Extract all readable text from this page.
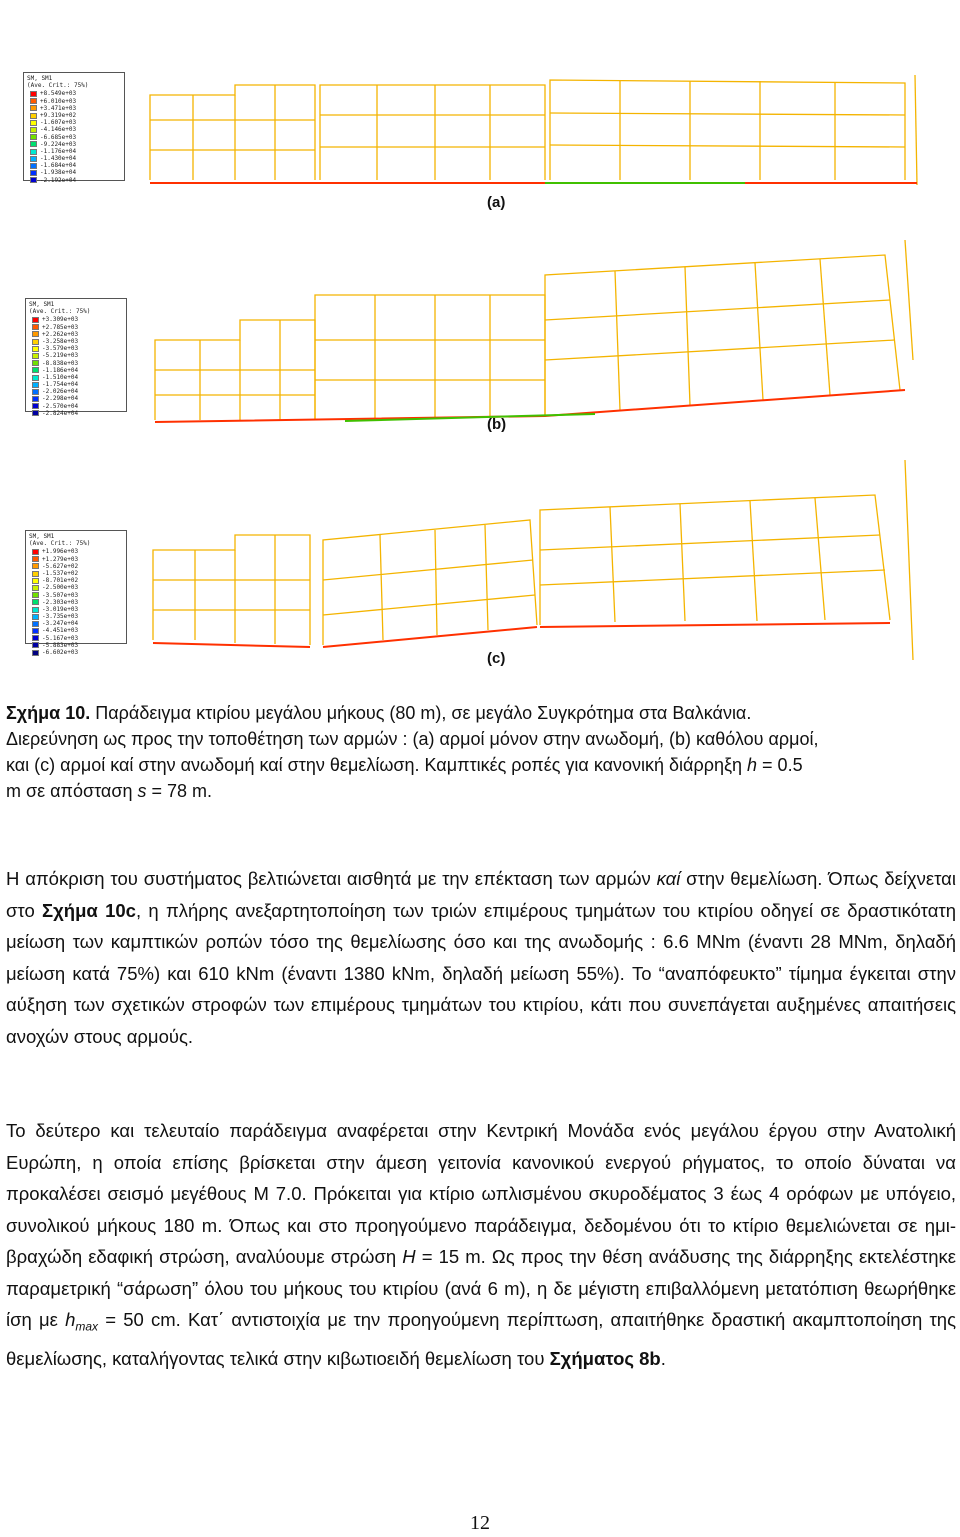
SM, SM1
(Ave. Crit.: 75%)
+8.549e+03
+6.010e+03
+3.471e+03
+9.319e+02
-1.607e+03
-4.146e+03
-6.685e+03
-9.224e+03
-1.176e+04
-1.430e+04
-1.684e+04
-1.938e+04
-2.192e+04
(a)
SM, SM1
(Ave. Crit.: 75%)
+3.309e+03
+2.785e+03
+2.262e+03
-3.258e+03
-3.579e+03
-5.219e+03
-8.838e+03
-1.186e+04
-1.510e+04
-1.754e+04
-2.026e+04
-2.298e+04
-2.570e+04
-2.824e+04
(b)
SM, SM1
(Ave. Crit.: 75%)
+1.996e+03
+1.279e+03
-5.627e+02
-1.537e+02
-8.701e+02
-2.500e+03
-3.507e+03
-2.303e+03
-3.019e+03
-3.735e+03
-3.247e+04
-4.451e+03
-5.167e+03
-5.883e+03
-6.602e+03	(c)
Σχήμα 10. Παράδειγμα κτιρίου μεγάλου μήκους (80 m), σε μεγάλο Συγκρότημα στα Βαλκάνια.
Διερεύνηση ως προς την τοποθέτηση των αρμών : (a) αρμοί μόνον στην ανωδομή, (b) καθόλου αρμοί,
και (c) αρμοί καί στην ανωδομή καί στην θεμελίωση. Καμπτικές ροπές για κανονική διάρρηξη h = 0.5
m σε απόσταση s = 78 m.
Η απόκριση του συστήματος βελτιώνεται αισθητά με την επέκταση των αρμών καί στην θεμελίωση. Όπως δείχνεται στο Σχήμα 10c, η πλήρης ανεξαρτητοποίηση των τριών επιμέρους τμημάτων του κτιρίου οδηγεί σε δραστικότατη μείωση των καμπτικών ροπών τόσο της θεμελίωσης όσο και της ανωδομής : 6.6 MNm (έναντι 28 MNm, δηλαδή μείωση κατά 75%) και 610 kNm (έναντι 1380 kNm, δηλαδή μείωση 55%). Το “αναπόφευκτο” τίμημα έγκειται στην αύξηση των σχετικών στροφών των επιμέρους τμημάτων του κτιρίου, κάτι που συνεπάγεται αυξημένες απαιτήσεις ανοχών στους αρμούς.
Το δεύτερο και τελευταίο παράδειγμα αναφέρεται στην Κεντρική Μονάδα ενός μεγάλου έργου στην Ανατολική Ευρώπη, η οποία επίσης βρίσκεται στην άμεση γειτονία κανονικού ενεργού ρήγματος, το οποίο δύναται να προκαλέσει σεισμό μεγέθους Μ 7.0. Πρόκειται για κτίριο ωπλισμένου σκυροδέματος 3 έως 4 ορόφων με υπόγειο, συνολικού μήκους 180 m. Όπως και στο προηγούμενο παράδειγμα, δεδομένου ότι το κτίριο θεμελιώνεται σε ημι-βραχώδη εδαφική στρώση, αναλύουμε στρώση H = 15 m. Ως προς την θέση ανάδυσης της διάρρηξης εκτελέστηκε παραμετρική “σάρωση” όλου του μήκους του κτιρίου (ανά 6 m), η δε μέγιστη επιβαλλόμενη μετατόπιση θεωρήθηκε ίση με $h_{max} = 50$ cm. Κατ΄ αντιστοιχία με την προηγούμενη περίπτωση, απαιτήθηκε δραστική ακαμπτοποίηση της θεμελίωσης, καταλήγοντας τελικά στην κιβωτιοειδή θεμελίωση του Σχήματος 8b.
12
